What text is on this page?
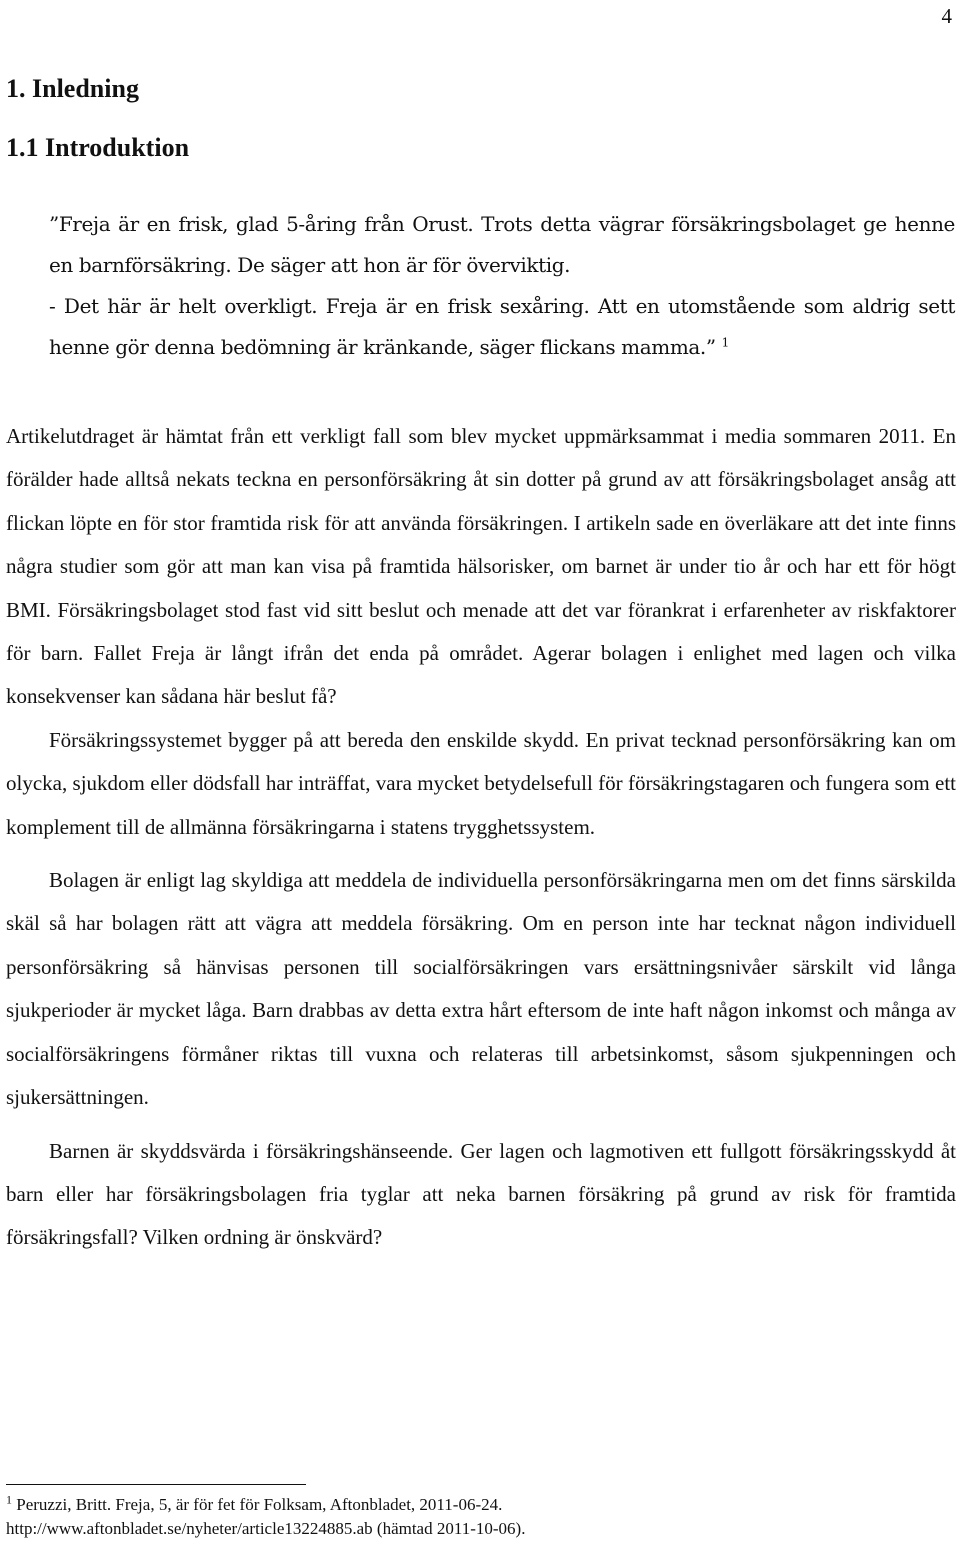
4
1. Inledning
1.1 Introduktion

”Freja är en frisk, glad 5-åring från Orust. Trots detta vägrar försäkringsbolaget ge henne en barnförsäkring. De säger att hon är för överviktig.

- Det här är helt overkligt. Freja är en frisk sexåring. Att en utomstående som aldrig sett henne gör denna bedömning är kränkande, säger flickans mamma.” $^1$

Artikelutdraget är hämtat från ett verkligt fall som blev mycket uppmärksammat i media sommaren 2011. En förälder hade alltså nekats teckna en personförsäkring åt sin dotter på grund av att försäkringsbolaget ansåg att flickan löpte en för stor framtida risk för att använda försäkringen. I artikeln sade en överläkare att det inte finns några studier som gör att man kan visa på framtida hälsorisker, om barnet är under tio år och har ett för högt BMI. Försäkringsbolaget stod fast vid sitt beslut och menade att det var förankrat i erfarenheter av riskfaktorer för barn. Fallet Freja är långt ifrån det enda på området. Agerar bolagen i enlighet med lagen och vilka konsekvenser kan sådana här beslut få?

Försäkringssystemet bygger på att bereda den enskilde skydd. En privat tecknad personförsäkring kan om olycka, sjukdom eller dödsfall har inträffat, vara mycket betydelsefull för försäkringstagaren och fungera som ett komplement till de allmänna försäkringarna i statens trygghetssystem.

Bolagen är enligt lag skyldiga att meddela de individuella personförsäkringarna men om det finns särskilda skäl så har bolagen rätt att vägra att meddela försäkring. Om en person inte har tecknat någon individuell personförsäkring så hänvisas personen till socialförsäkringen vars ersättningsnivåer särskilt vid långa sjukperioder är mycket låga. Barn drabbas av detta extra hårt eftersom de inte haft någon inkomst och många av socialförsäkringens förmåner riktas till vuxna och relateras till arbetsinkomst, såsom sjukpenningen och sjukersättningen.

Barnen är skyddsvärda i försäkringshänseende. Ger lagen och lagmotiven ett fullgott försäkringsskydd åt barn eller har försäkringsbolagen fria tyglar att neka barnen försäkring på grund av risk för framtida försäkringsfall? Vilken ordning är önskvärd?

$^1$ Peruzzi, Britt. Freja, 5, är för fet för Folksam, Aftonbladet, 2011-06-24.

http://www.aftonbladet.se/nyheter/article13224885.ab (hämtad 2011-10-06).
